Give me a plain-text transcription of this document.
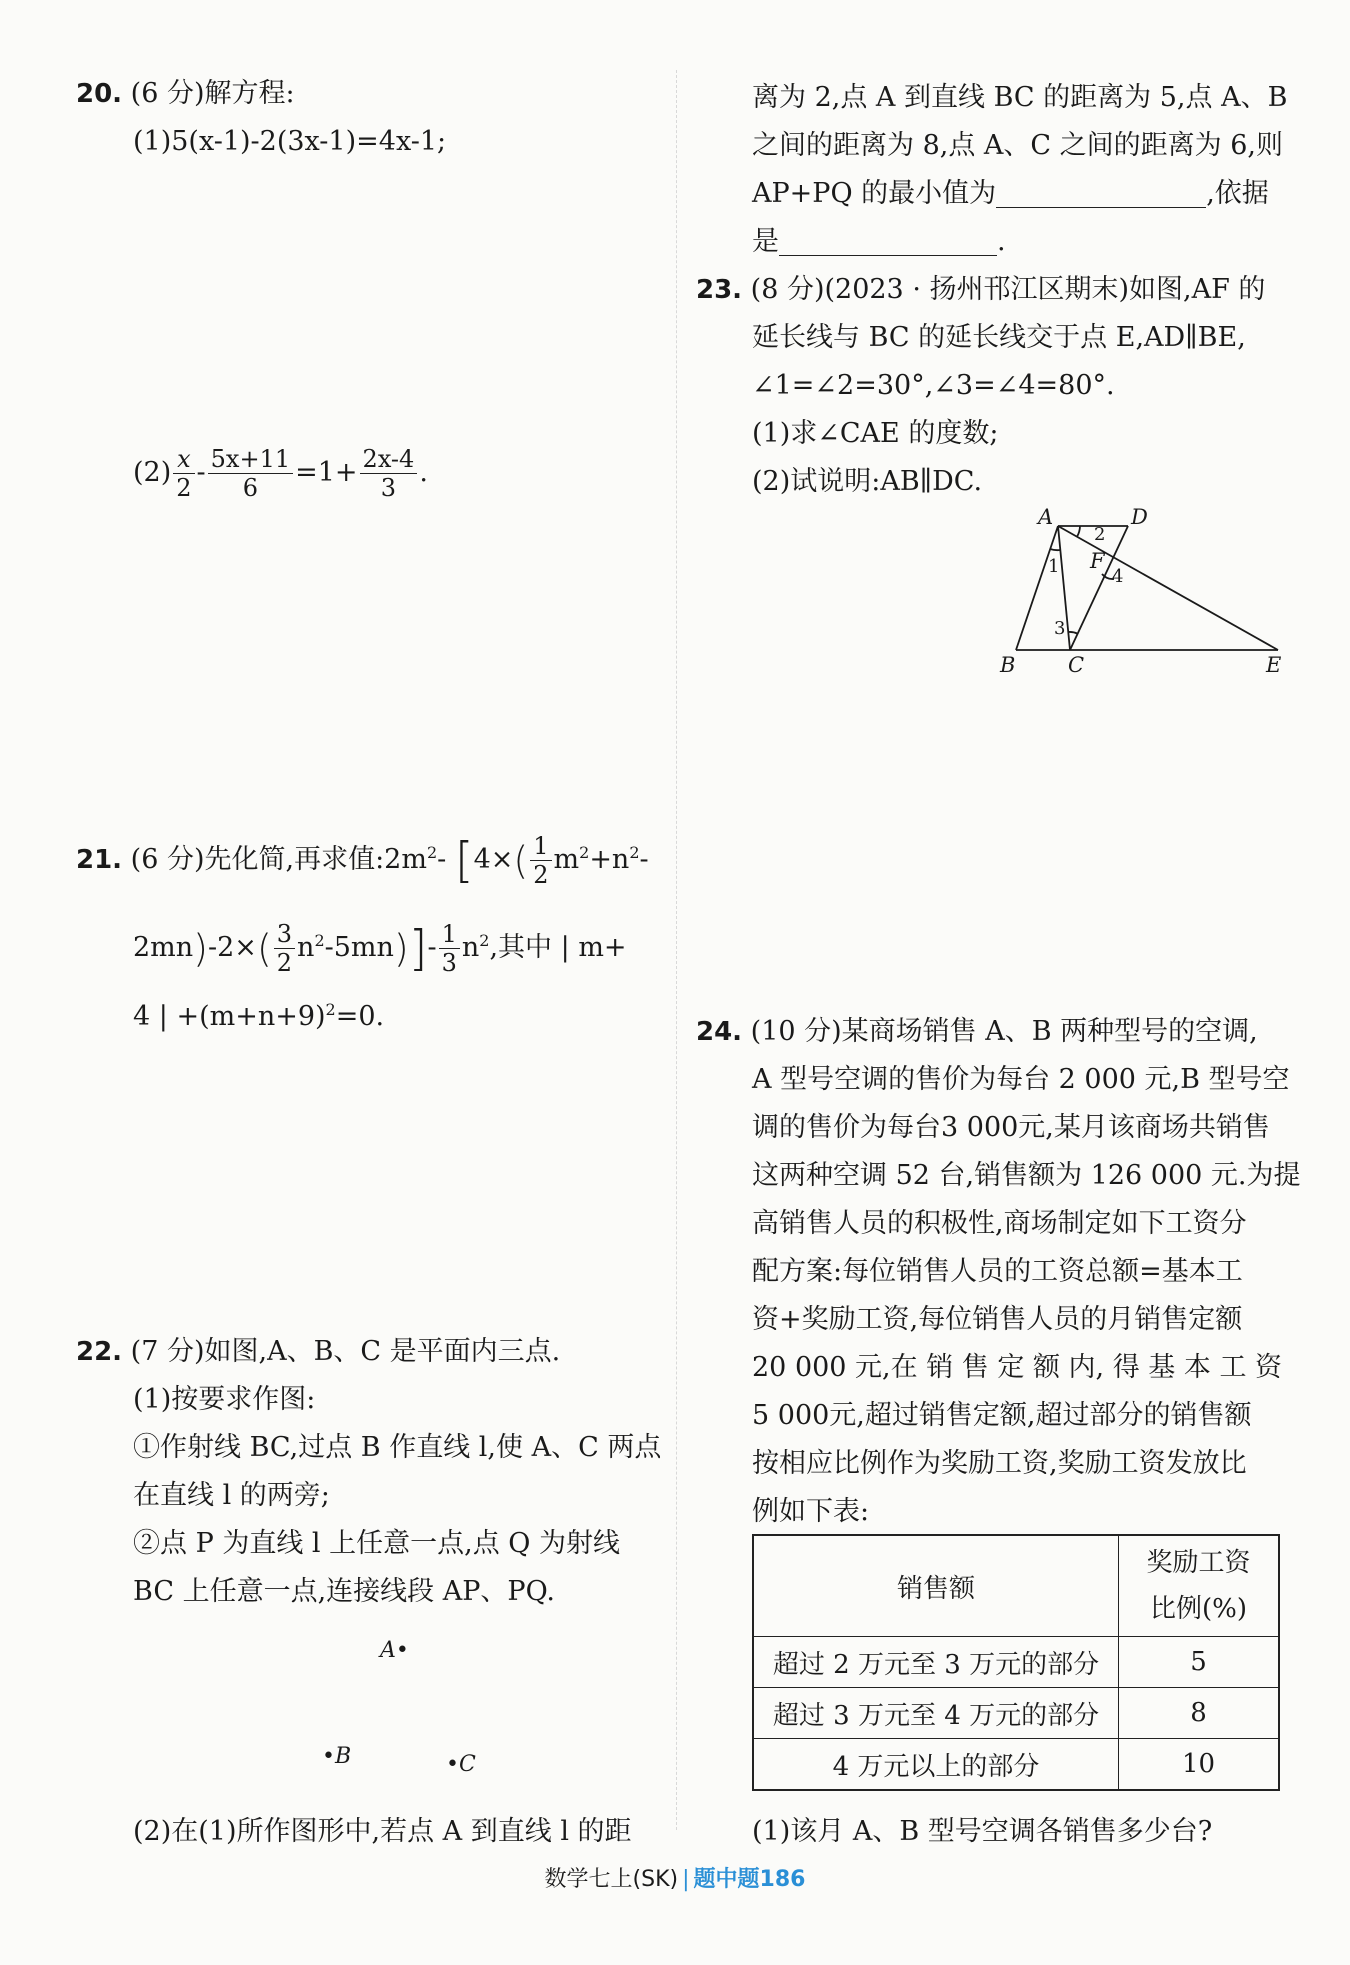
20. (6 分)解方程:
(1)5(x-1)-2(3x-1)=4x-1;
$(2) \frac{x}{2} - \frac{5x+11}{6} =1+ \frac{2x-4}{3}$ .
21. (6 分)先化简,再求值$:2m^2-$ [$4\times( \frac{1}{2} m^2+n^2-$
$2mn)-2\times( \frac{3}{2} n^2-5mn)]- \frac{1}{3} n^2$,其中 | m+
4 | $+(m+n+9)^2=0$.
22. (7 分)如图,A、B、C 是平面内三点.
(1)按要求作图:
①作射线 BC,过点 B 作直线 l,使 A、C 两点
在直线 l 的两旁;
②点 P 为直线 l 上任意一点,点 Q 为射线
BC 上任意一点,连接线段 AP、PQ.
A•
•B	•C
(2)在(1)所作图形中,若点 A 到直线 l 的距
离为 2,点 A 到直线 BC 的距离为 5,点 A、B
之间的距离为 8,点 A、C 之间的距离为 6,则
AP+PQ 的最小值为	,依据
是	.
23. (8 分)(2023 · 扬州邗江区期末)如图,AF 的
延长线与 BC 的延长线交于点 E,AD∥BE,
∠1=∠2=30°,∠3=∠4=80°.
(1)求∠CAE 的度数;
(2)试说明:AB∥DC.
A	D
F
B	C	E
1
2
3
4
24. (10 分)某商场销售 A、B 两种型号的空调,
A 型号空调的售价为每台 2 000 元,B 型号空
调的售价为每台3 000元,某月该商场共销售
这两种空调 52 台,销售额为 126 000 元.为提
高销售人员的积极性,商场制定如下工资分
配方案:每位销售人员的工资总额=基本工
资+奖励工资,每位销售人员的月销售定额
20 000 元,在 销 售 定 额 内, 得 基 本 工 资
5 000元,超过销售定额,超过部分的销售额
按相应比例作为奖励工资,奖励工资发放比
例如下表:
销售额	奖励工资
比例(%)

超过 2 万元至 3 万元的部分	5
超过 3 万元至 4 万元的部分	8
4 万元以上的部分	10
(1)该月 A、B 型号空调各销售多少台?
数学七上(SK) | 题中题186
